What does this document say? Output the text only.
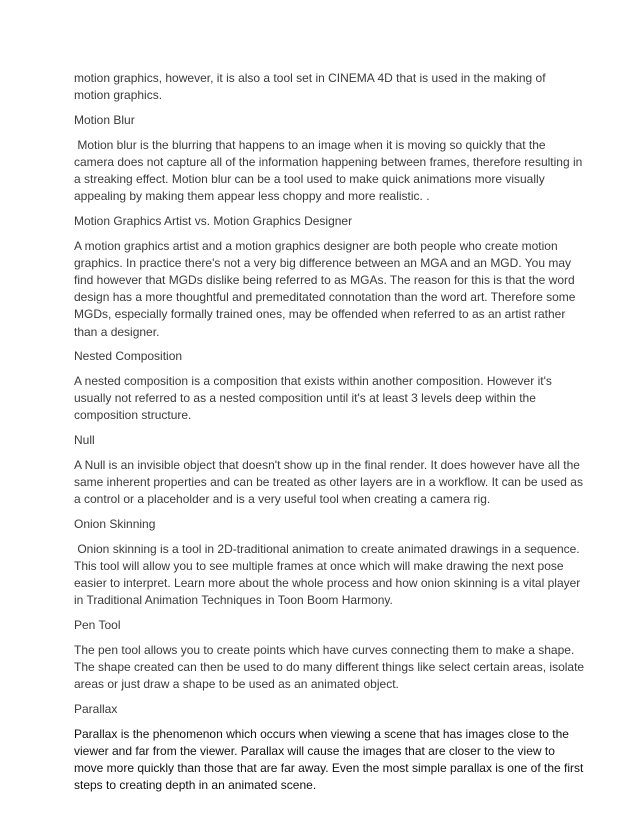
motion graphics, however, it is also a tool set in CINEMA 4D that is used in the making of
motion graphics.

Motion Blur

Motion blur is the blurring that happens to an image when it is moving so quickly that the
camera does not capture all of the information happening between frames, therefore resulting in
a streaking effect. Motion blur can be a tool used to make quick animations more visually
appealing by making them appear less choppy and more realistic. .

Motion Graphics Artist vs. Motion Graphics Designer

A motion graphics artist and a motion graphics designer are both people who create motion
graphics. In practice there's not a very big difference between an MGA and an MGD. You may
find however that MGDs dislike being referred to as MGAs. The reason for this is that the word
design has a more thoughtful and premeditated connotation than the word art. Therefore some
MGDs, especially formally trained ones, may be offended when referred to as an artist rather
than a designer.

Nested Composition

A nested composition is a composition that exists within another composition. However it's
usually not referred to as a nested composition until it's at least 3 levels deep within the
composition structure.

Null

A Null is an invisible object that doesn't show up in the final render. It does however have all the
same inherent properties and can be treated as other layers are in a workflow. It can be used as
a control or a placeholder and is a very useful tool when creating a camera rig.

Onion Skinning

Onion skinning is a tool in 2D-traditional animation to create animated drawings in a sequence.
This tool will allow you to see multiple frames at once which will make drawing the next pose
easier to interpret. Learn more about the whole process and how onion skinning is a vital player
in Traditional Animation Techniques in Toon Boom Harmony.

Pen Tool

The pen tool allows you to create points which have curves connecting them to make a shape.
The shape created can then be used to do many different things like select certain areas, isolate
areas or just draw a shape to be used as an animated object.

Parallax

Parallax is the phenomenon which occurs when viewing a scene that has images close to the
viewer and far from the viewer. Parallax will cause the images that are closer to the view to
move more quickly than those that are far away. Even the most simple parallax is one of the first
steps to creating depth in an animated scene.
